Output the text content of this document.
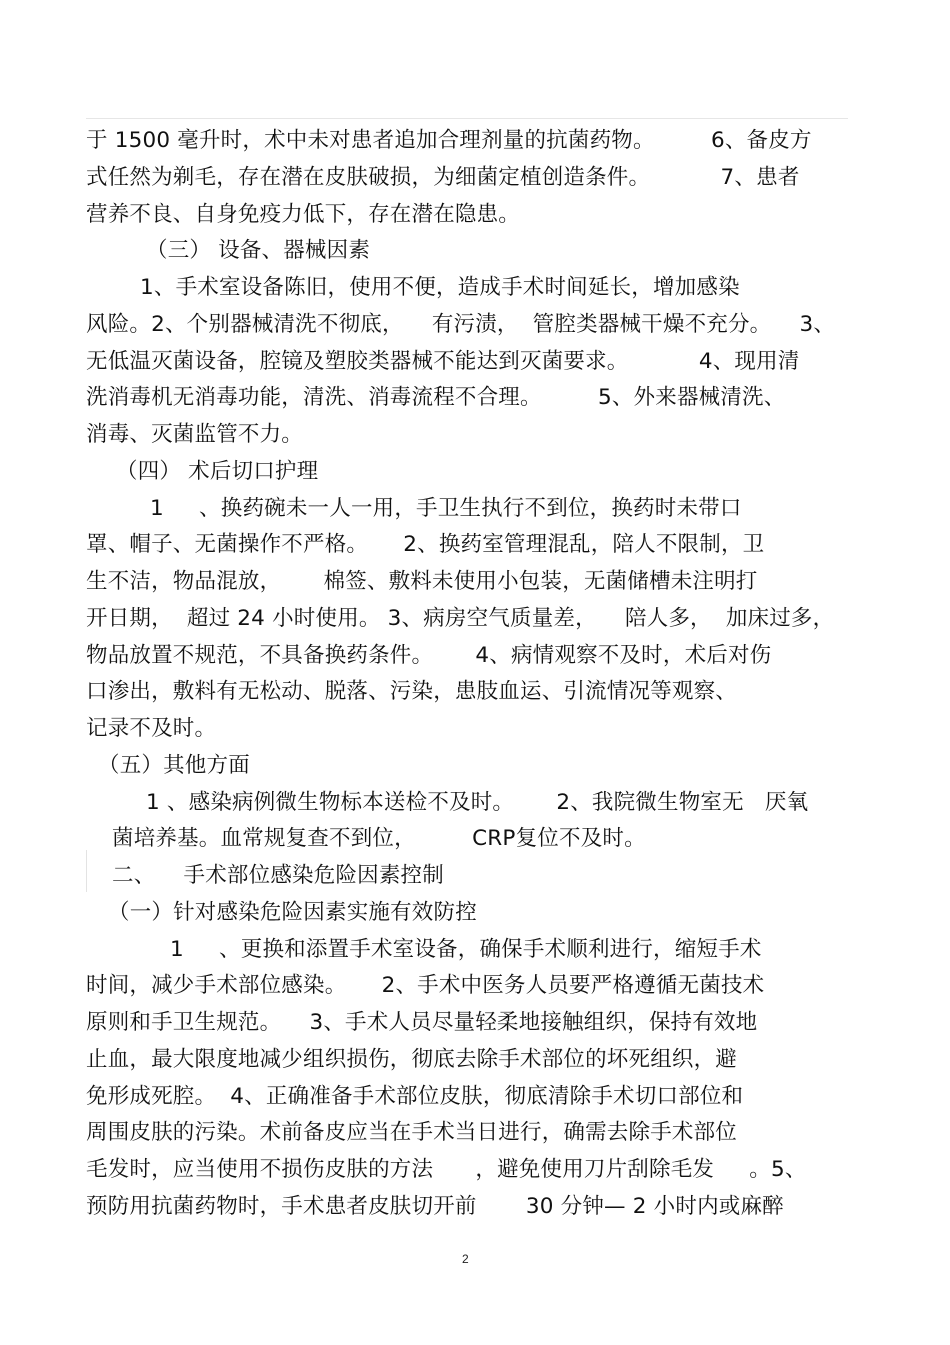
于 1500 毫升时，术中未对患者追加合理剂量的抗菌药物。        6、备皮方
式任然为剃毛，存在潜在皮肤破损，为细菌定植创造条件。          7、患者
营养不良、自身免疫力低下，存在潜在隐患。
（三） 设备、器械因素
1、手术室设备陈旧，使用不便，造成手术时间延长，增加感染
风险。2、个别器械清洗不彻底，    有污渍，  管腔类器械干燥不充分。    3、
无低温灭菌设备，腔镜及塑胶类器械不能达到灭菌要求。          4、现用清
洗消毒机无消毒功能，清洗、消毒流程不合理。        5、外来器械清洗、
消毒、灭菌监管不力。
（四） 术后切口护理
1     、换药碗未一人一用，手卫生执行不到位，换药时未带口
罩、帽子、无菌操作不严格。     2、换药室管理混乱，陪人不限制，卫
生不洁，物品混放，      棉签、敷料未使用小包装，无菌储槽未注明打
开日期，  超过 24 小时使用。 3、病房空气质量差，    陪人多，  加床过多，
物品放置不规范，不具备换药条件。      4、病情观察不及时，术后对伤
口渗出，敷料有无松动、脱落、污染，患肢血运、引流情况等观察、
记录不及时。
（五）其他方面
1 、感染病例微生物标本送检不及时。      2、我院微生物室无   厌氧
菌培养基。血常规复查不到位，        CRP复位不及时。
二、    手术部位感染危险因素控制
（一）针对感染危险因素实施有效防控
1     、更换和添置手术室设备，确保手术顺利进行，缩短手术
时间，减少手术部位感染。     2、手术中医务人员要严格遵循无菌技术
原则和手卫生规范。    3、手术人员尽量轻柔地接触组织，保持有效地
止血，最大限度地减少组织损伤，彻底去除手术部位的坏死组织，避
免形成死腔。  4、正确准备手术部位皮肤，彻底清除手术切口部位和
周围皮肤的污染。术前备皮应当在手术当日进行，确需去除手术部位
毛发时，应当使用不损伤皮肤的方法      ，避免使用刀片刮除毛发     。5、
预防用抗菌药物时，手术患者皮肤切开前       30 分钟— 2 小时内或麻醉
2
